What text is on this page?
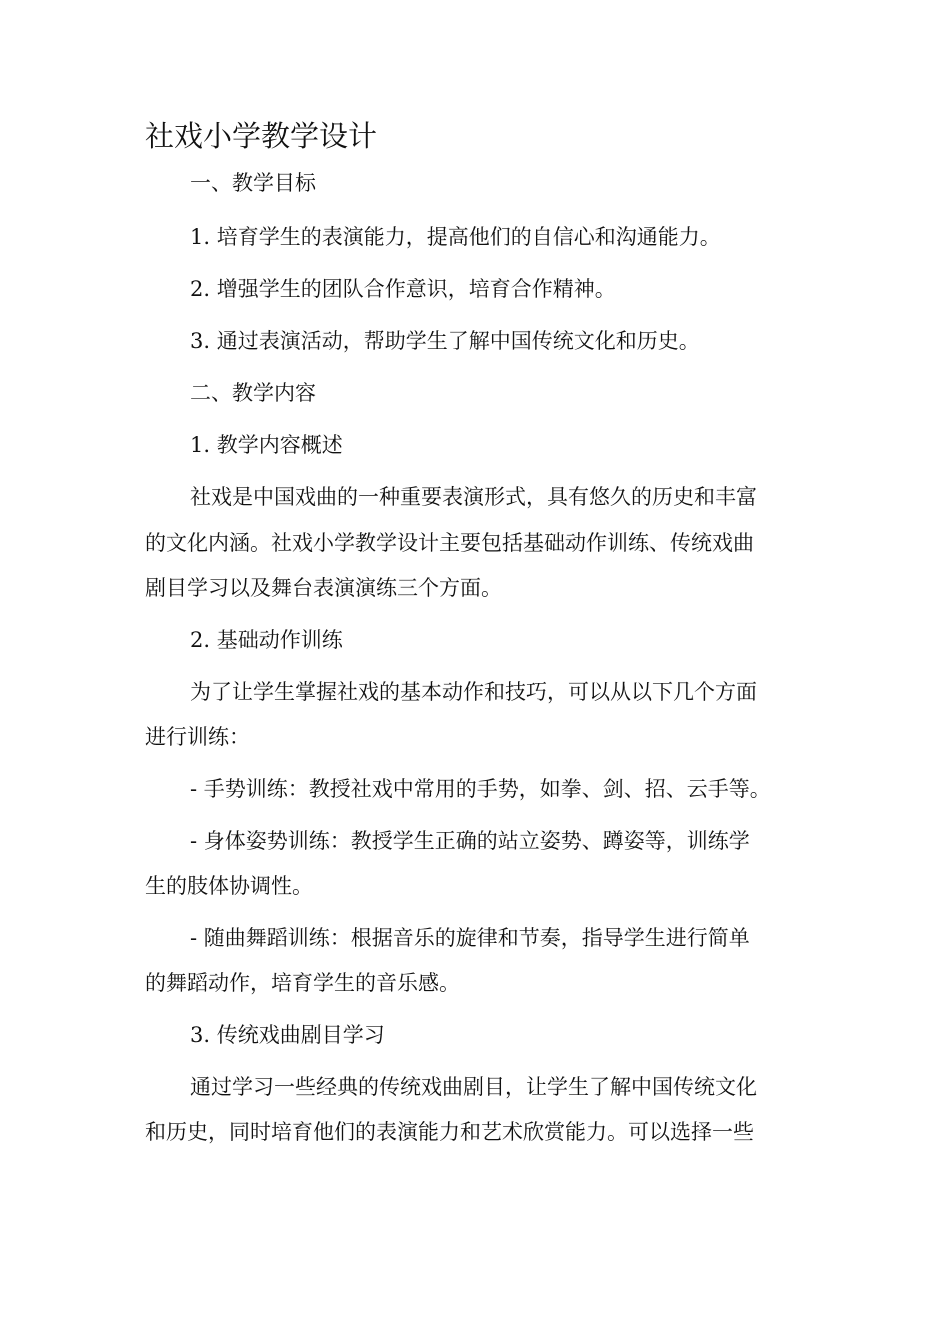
社戏小学教学设计
一、教学目标
1. 培育学生的表演能力，提高他们的自信心和沟通能力。
2. 增强学生的团队合作意识，培育合作精神。
3. 通过表演活动，帮助学生了解中国传统文化和历史。
二、教学内容
1. 教学内容概述
社戏是中国戏曲的一种重要表演形式，具有悠久的历史和丰富
的文化内涵。社戏小学教学设计主要包括基础动作训练、传统戏曲
剧目学习以及舞台表演演练三个方面。
2. 基础动作训练
为了让学生掌握社戏的基本动作和技巧，可以从以下几个方面
进行训练：
- 手势训练：教授社戏中常用的手势，如拳、剑、招、云手等。
- 身体姿势训练：教授学生正确的站立姿势、蹲姿等，训练学
生的肢体协调性。
- 随曲舞蹈训练：根据音乐的旋律和节奏，指导学生进行简单
的舞蹈动作，培育学生的音乐感。
3. 传统戏曲剧目学习
通过学习一些经典的传统戏曲剧目，让学生了解中国传统文化
和历史，同时培育他们的表演能力和艺术欣赏能力。可以选择一些
